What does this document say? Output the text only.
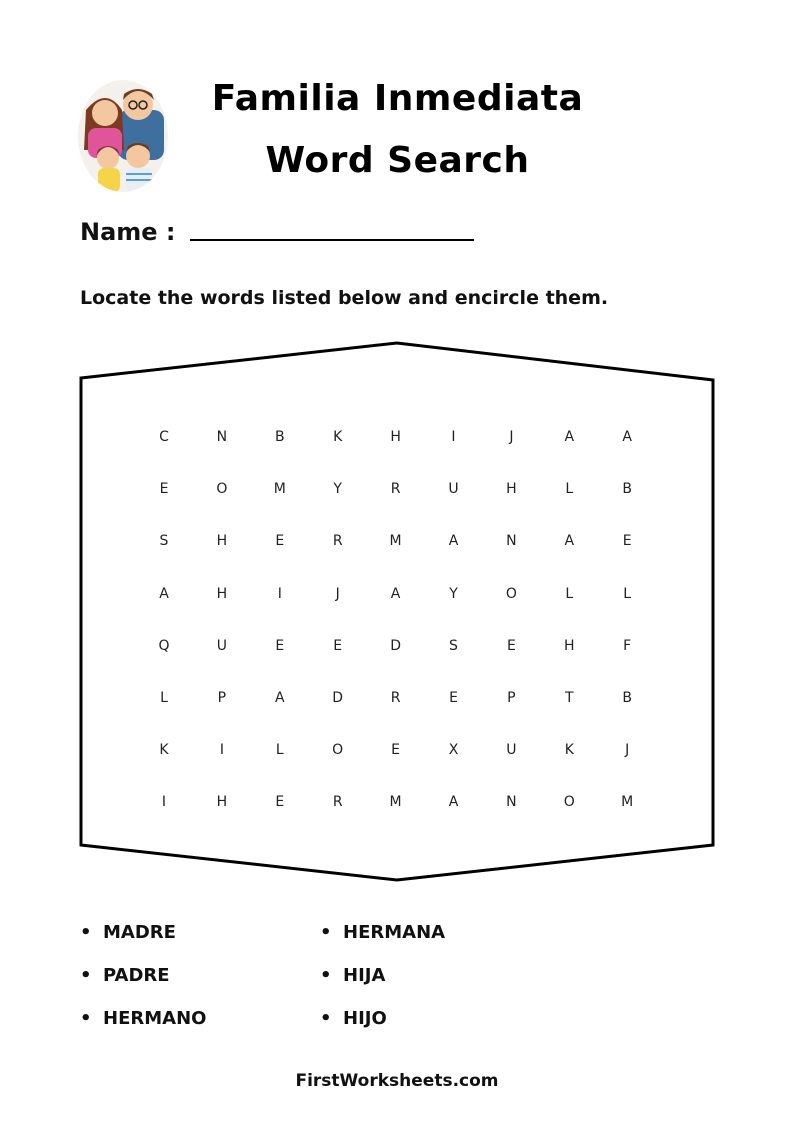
Familia Inmediata
Word Search
Name :
Locate the words listed below and encircle them.
C	N	B	K	H	I	J	A	A
E	O	M	Y	R	U	H	L	B
S	H	E	R	M	A	N	A	E
A	H	I	J	A	Y	O	L	L
Q	U	E	E	D	S	E	H	F
L	P	A	D	R	E	P	T	B
K	I	L	O	E	X	U	K	J
I	H	E	R	M	A	N	O	M
• MADRE
• PADRE
• HERMANO
• HERMANA
• HIJA
• HIJO
FirstWorksheets.com
